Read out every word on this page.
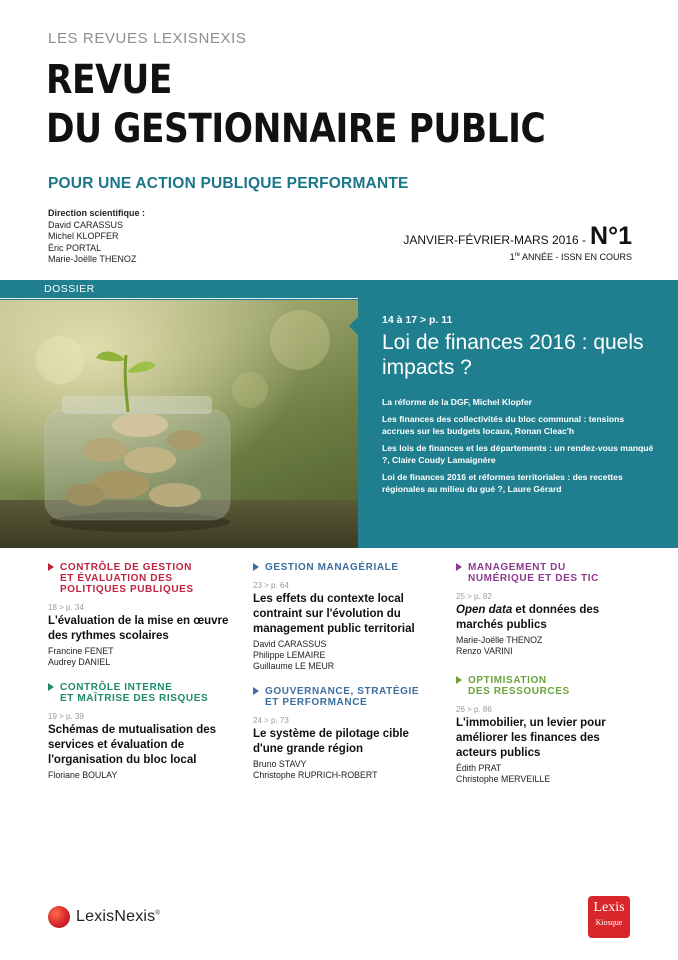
LES REVUES LEXISNEXIS
REVUE
DU GESTIONNAIRE PUBLIC
POUR UNE ACTION PUBLIQUE PERFORMANTE
Direction scientifique :
David CARASSUS
Michel KLOPFER
Éric PORTAL
Marie-Joëlle THENOZ
JANVIER-FÉVRIER-MARS 2016 - N°1
1re ANNÉE - ISSN EN COURS
DOSSIER
14 à 17 > p. 11
Loi de finances 2016 : quels impacts ?

La réforme de la DGF, Michel Klopfer

Les finances des collectivités du bloc communal : tensions accrues sur les budgets locaux, Ronan Cleac'h

Les lois de finances et les départements : un rendez-vous manqué ?, Claire Coudy Lamaignère

Loi de finances 2016 et réformes territoriales : des recettes régionales au milieu du gué ?, Laure Gérard

CONTRÔLE DE GESTION
ET ÉVALUATION DES
POLITIQUES PUBLIQUES
18 > p. 34
L'évaluation de la mise en œuvre des rythmes scolaires
Francine FENET
Audrey DANIEL
CONTRÔLE INTERNE
ET MAÎTRISE DES RISQUES
19 > p. 39
Schémas de mutualisation des services et évaluation de l'organisation du bloc local
Floriane BOULAY
GESTION MANAGÉRIALE
23 > p. 64
Les effets du contexte local contraint sur l'évolution du management public territorial
David CARASSUS
Philippe LEMAIRE
Guillaume LE MEUR
GOUVERNANCE, STRATÉGIE
ET PERFORMANCE
24 > p. 73
Le système de pilotage cible d'une grande région
Bruno STAVY
Christophe RUPRICH-ROBERT
MANAGEMENT DU
NUMÉRIQUE ET DES TIC
25 > p. 82
Open data et données des marchés publics
Marie-Joëlle THENOZ
Renzo VARINI
OPTIMISATION
DES RESSOURCES
26 > p. 86
L'immobilier, un levier pour améliorer les finances des acteurs publics
Édith PRAT
Christophe MERVEILLE
LexisNexis®	Lexis
Kiosque
